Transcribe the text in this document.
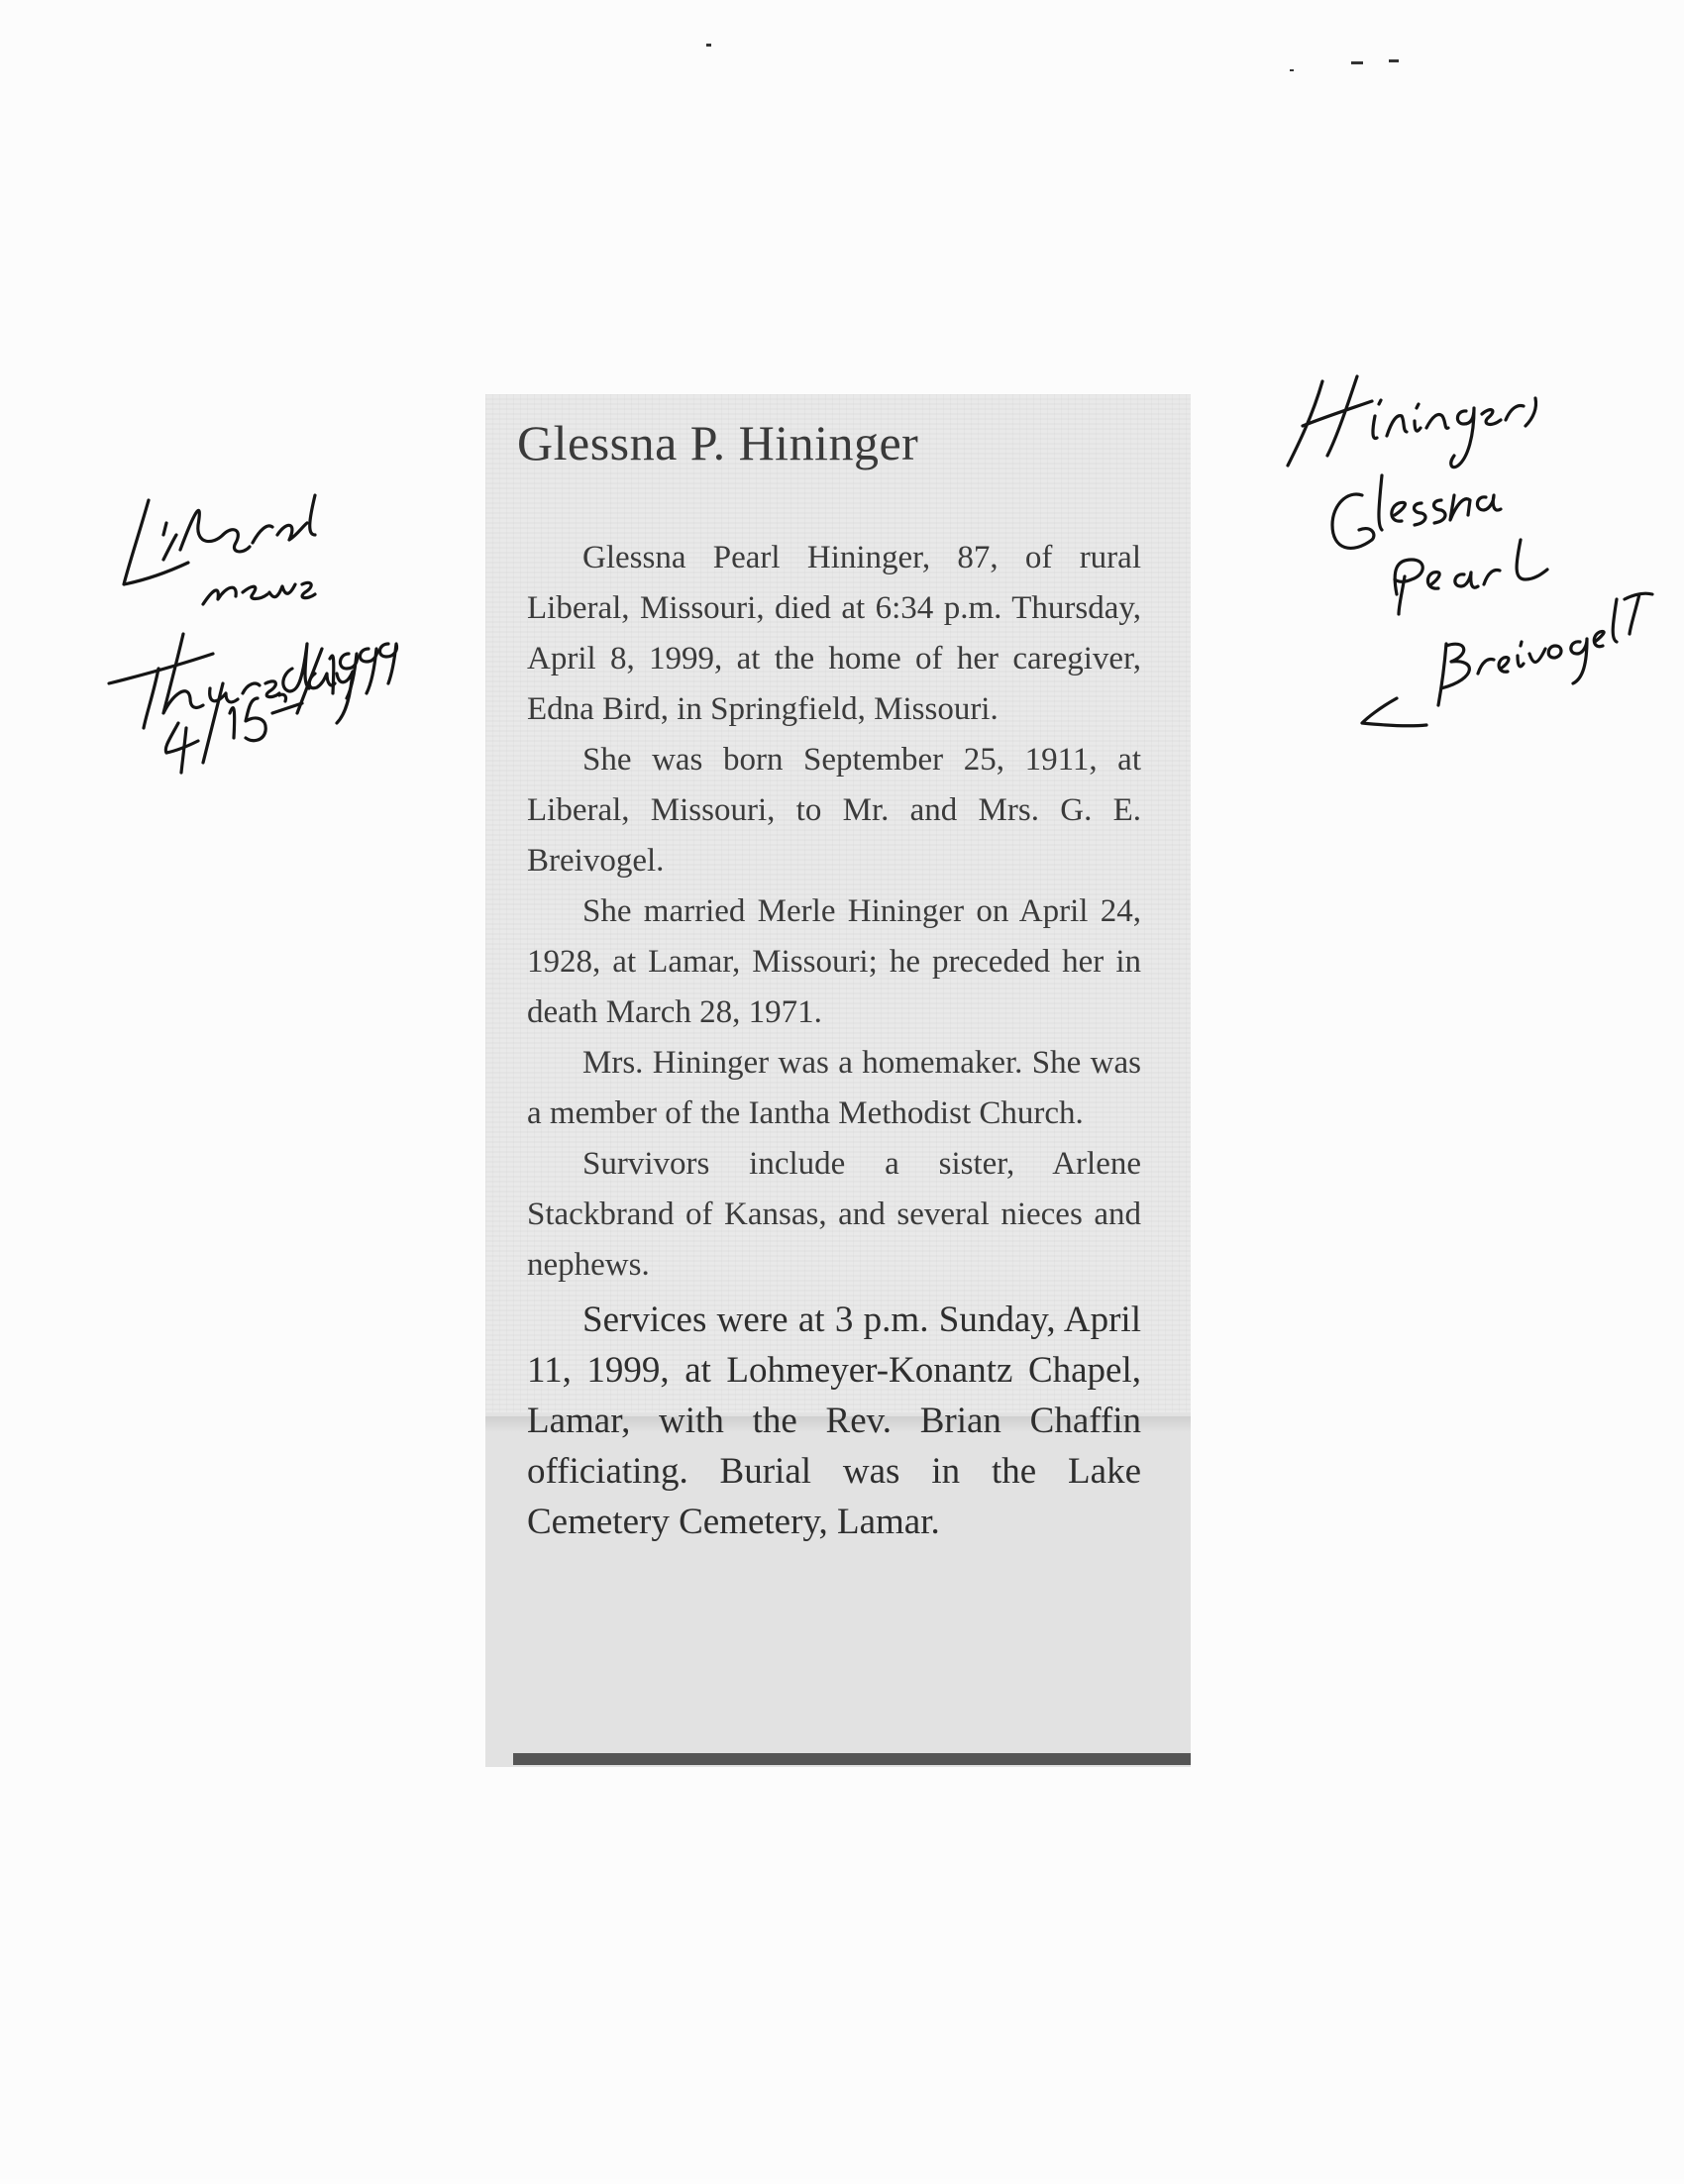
Glessna P. Hininger

Glessna Pearl Hininger, 87, of rural Liberal, Missouri, died at 6:34 p.m. Thursday, April 8, 1999, at the home of her caregiver, Edna Bird, in Springfield, Missouri.

She was born September 25, 1911, at Liberal, Missouri, to Mr. and Mrs. G. E. Breivogel.

She married Merle Hininger on April 24, 1928, at Lamar, Missouri; he preceded her in death March 28, 1971.

Mrs. Hininger was a homemaker. She was a member of the Iantha Methodist Church.

Survivors include a sister, Arlene Stackbrand of Kansas, and several nieces and nephews.

Services were at 3 p.m. Sunday, April 11, 1999, at Lohmeyer-Konantz Chapel, Lamar, with the Rev. Brian Chaffin officiating. Burial was in the Lake Cemetery Cemetery, Lamar.
